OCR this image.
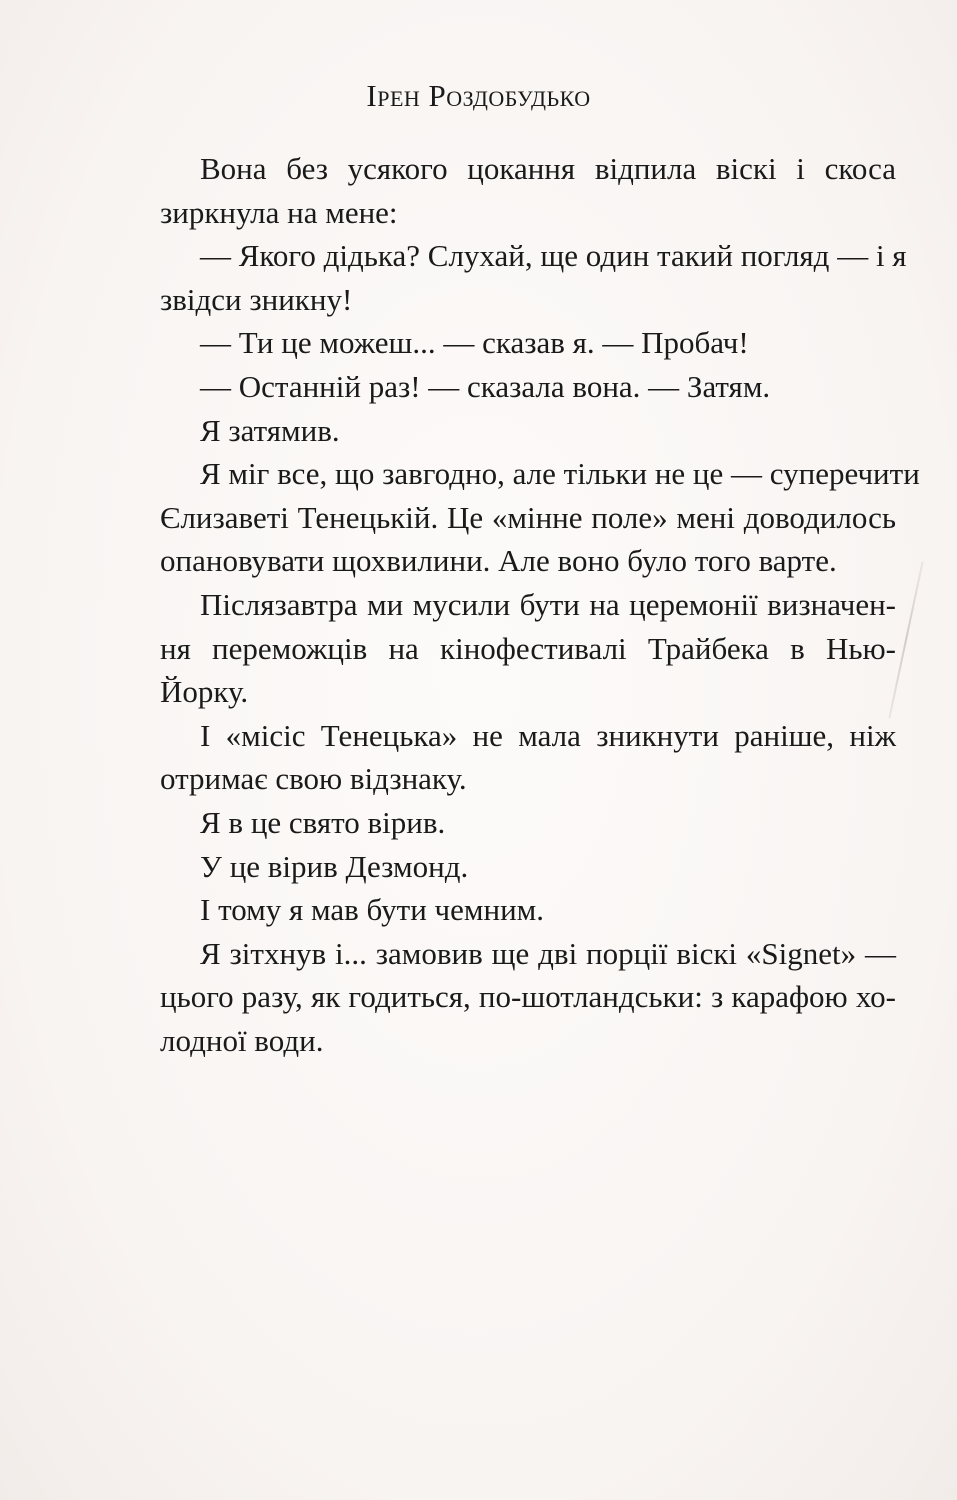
Ірен Роздобудько
Вона без усякого цокання відпила віскі і скоса
зиркнула на мене:
— Якого дідька? Слухай, ще один такий погляд — і я
звідси зникну!
— Ти це можеш... — сказав я. — Пробач!
— Останній раз! — сказала вона. — Затям.
Я затямив.
Я міг все, що завгодно, але тільки не це — суперечити
Єлизаветі Тенецькій. Це «мінне поле» мені доводилось
опановувати щохвилини. Але воно було того варте.
Післязавтра ми мусили бути на церемонії визначен-
ня переможців на кінофестивалі Трайбека в Нью-
Йорку.
І «місіс Тенецька» не мала зникнути раніше, ніж
отримає свою відзнаку.
Я в це свято вірив.
У це вірив Дезмонд.
І тому я мав бути чемним.
Я зітхнув і... замовив ще дві порції віскі «Signet» —
цього разу, як годиться, по-шотландськи: з карафою хо-
лодної води.
